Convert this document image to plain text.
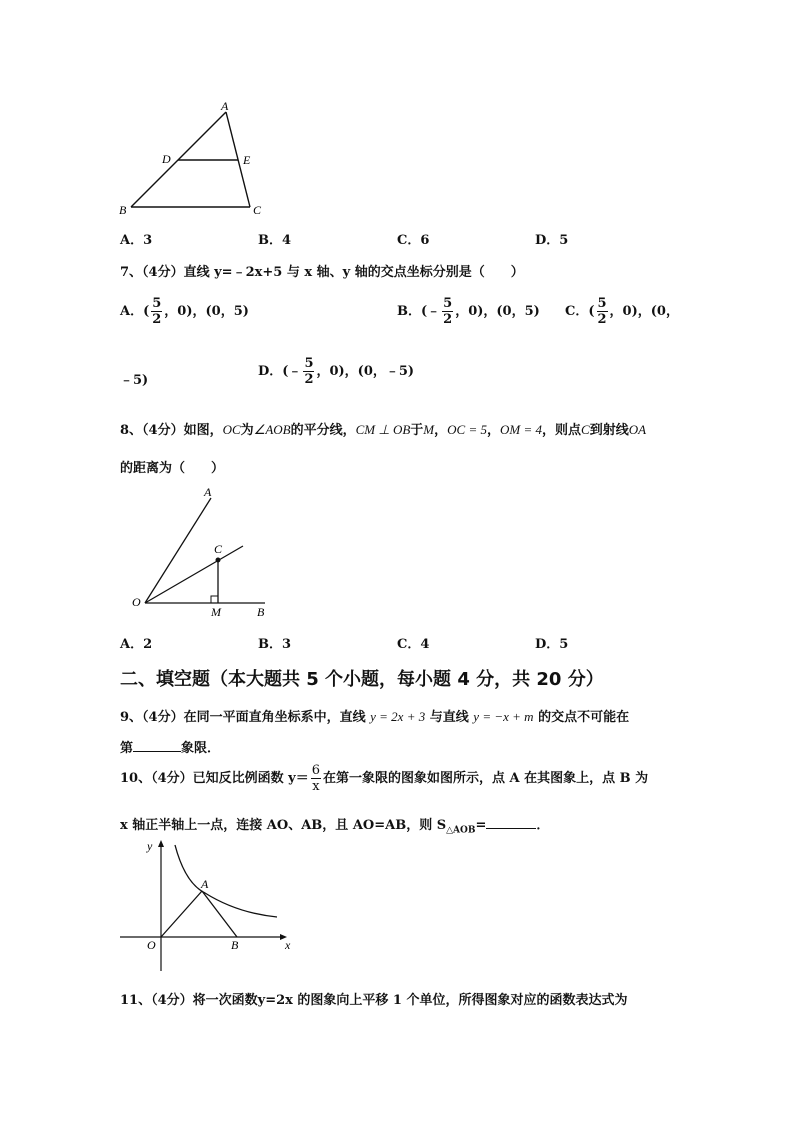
A
D	E
B	C
A．3	B．4	C．6	D．5
7、（4分）直线 y=﹣2x+5 与 x 轴、y 轴的交点坐标分别是（　　）
A．( $\frac{5}{2}$ ，0)，(0，5)	B．(﹣ $\frac{5}{2}$ ，0)，(0，5) C．( $\frac{5}{2}$ ，0)，(0，
﹣5)
D．(﹣ $\frac{5}{2}$ ，0)，(0，﹣5)
8、（4分）如图，OC为∠AOB的平分线，CM ⊥ OB于M，OC = 5，OM = 4，则点C到射线OA
的距离为（　　）
A
C
O
M	B
A．2	B．3	C．4	D．5
二、填空题（本大题共 5 个小题，每小题 4 分，共 20 分）
9、（4分）在同一平面直角坐标系中，直线 y = 2x + 3 与直线 y = −x + m 的交点不可能在
第	象限．
10、（4分）已知反比例函数 $y= \frac{6}{x}$ 在第一象限的图象如图所示，点 A 在其图象上，点 B 为
x 轴正半轴上一点，连接 AO、AB，且 AO=AB，则 $S_{\triangle AOB}=$	．
y
x
O
A
B
11、（4分）将一次函数y=2x 的图象向上平移 1 个单位，所得图象对应的函数表达式为
